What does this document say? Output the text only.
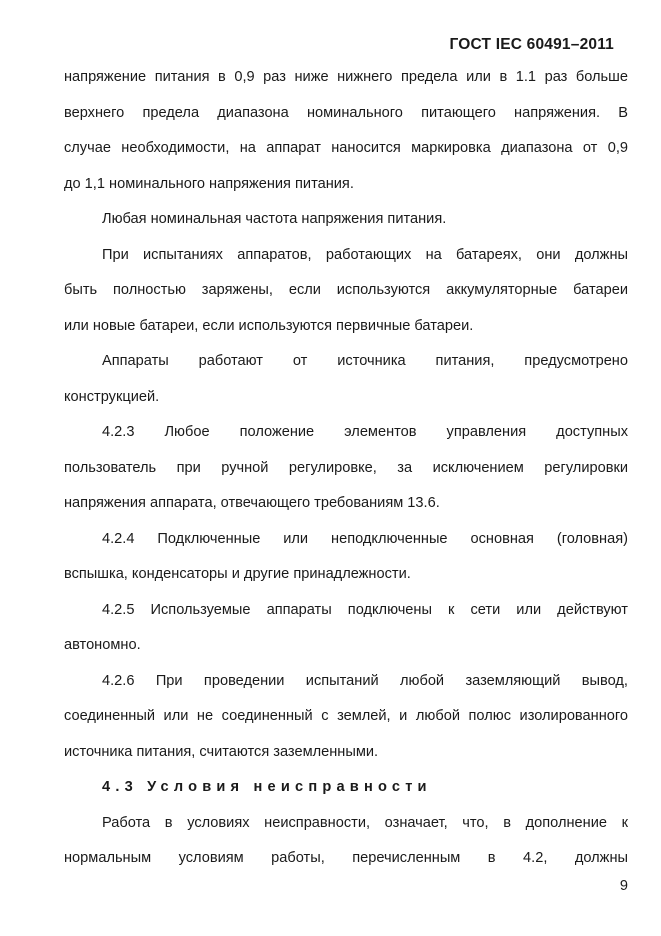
ГОСТ IEC 60491–2011
напряжение питания в 0,9 раз ниже нижнего предела или в 1.1 раз больше
верхнего предела диапазона номинального питающего напряжения. В
случае необходимости, на аппарат наносится маркировка диапазона от 0,9
до 1,1 номинального напряжения питания.
Любая номинальная частота напряжения питания.
При испытаниях аппаратов, работающих на батареях, они должны
быть полностью заряжены, если используются аккумуляторные батареи
или новые батареи, если используются первичные батареи.
Аппараты работают от источника питания, предусмотрено
конструкцией.
4.2.3 Любое положение элементов управления доступных
пользователь при ручной регулировке, за исключением регулировки
напряжения аппарата, отвечающего требованиям 13.6.
4.2.4 Подключенные или неподключенные основная (головная)
вспышка, конденсаторы и другие принадлежности.
4.2.5 Используемые аппараты подключены к сети или действуют
автономно.
4.2.6 При проведении испытаний любой заземляющий вывод,
соединенный или не соединенный с землей, и любой полюс изолированного
источника питания, считаются заземленными.
4.3 Условия неисправности
Работа в условиях неисправности, означает, что, в дополнение к
нормальным условиям работы, перечисленным в 4.2, должны
9
